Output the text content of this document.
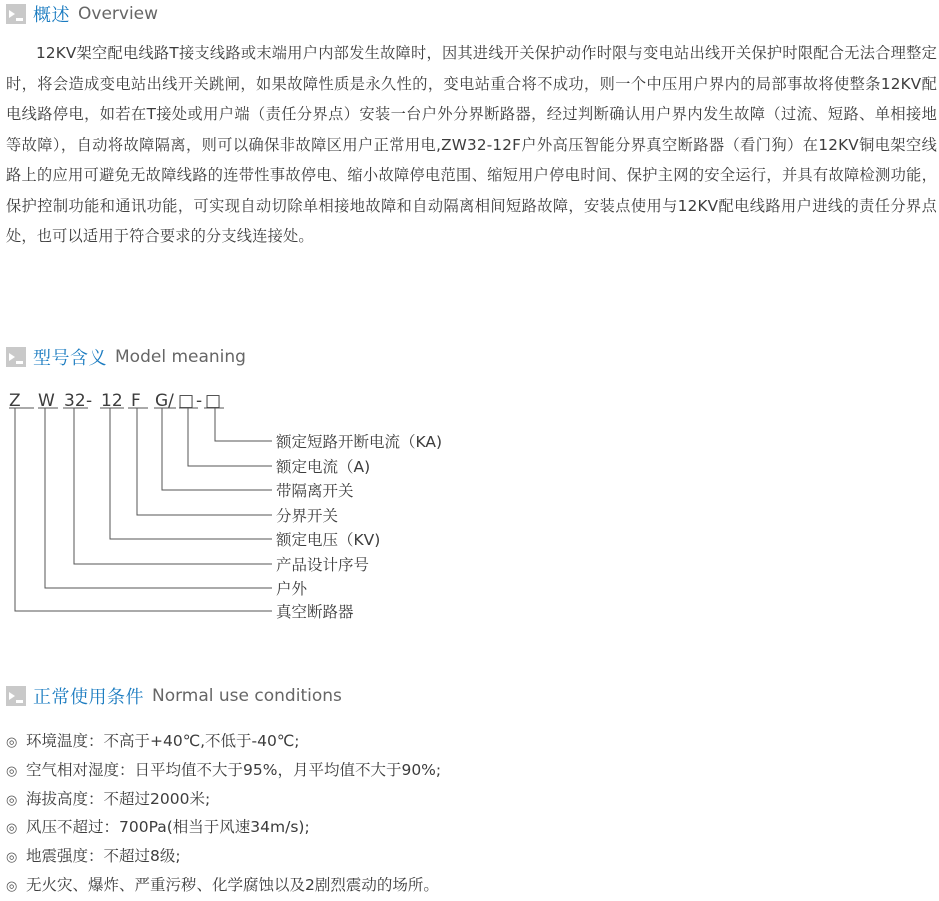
概述 Overview

12KV架空配电线路T接支线路或末端用户内部发生故障时，因其进线开关保护动作时限与变电站出线开关保护时限配合无法合理整定时，将会造成变电站出线开关跳闸，如果故障性质是永久性的，变电站重合将不成功，则一个中压用户界内的局部事故将使整条12KV配电线路停电，如若在T接处或用户端（责任分界点）安装一台户外分界断路器，经过判断确认用户界内发生故障（过流、短路、单相接地等故障），自动将故障隔离，则可以确保非故障区用户正常用电,ZW32-12F户外高压智能分界真空断路器（看门狗）在12KV铜电架空线路上的应用可避免无故障线路的连带性事故停电、缩小故障停电范围、缩短用户停电时间、保护主网的安全运行，并具有故障检测功能，保护控制功能和通讯功能，可实现自动切除单相接地故障和自动隔离相间短路故障，安装点使用与12KV配电线路用户进线的责任分界点处，也可以适用于符合要求的分支线连接处。

型号含义 Model meaning
Z W 32 - 12 F G/ □ - □
额定短路开断电流（KA)
额定电流（A)
带隔离开关
分界开关
额定电压（KV)
产品设计序号
户外
真空断路器
正常使用条件 Normal use conditions
◎ 环境温度：不高于+40℃,不低于-40℃;
◎ 空气相对湿度：日平均值不大于95%，月平均值不大于90%;
◎ 海拔高度：不超过2000米;
◎ 风压不超过：700Pa(相当于风速34m/s);
◎ 地震强度：不超过8级;
◎ 无火灾、爆炸、严重污秽、化学腐蚀以及2剧烈震动的场所。
